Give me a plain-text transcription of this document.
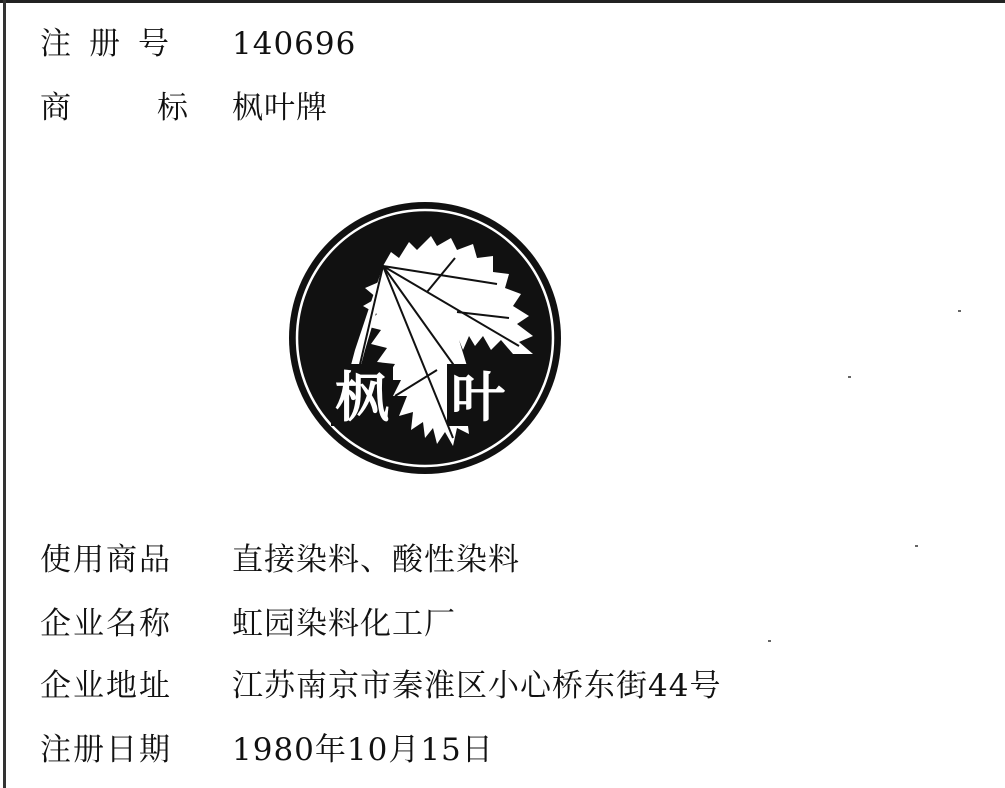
注册号 140696
商	标 枫叶牌
枫 叶
使用商品 直接染料、酸性染料
企业名称 虹园染料化工厂
企业地址 江苏南京市秦淮区小心桥东街44号
注册日期 1980年10月15日
